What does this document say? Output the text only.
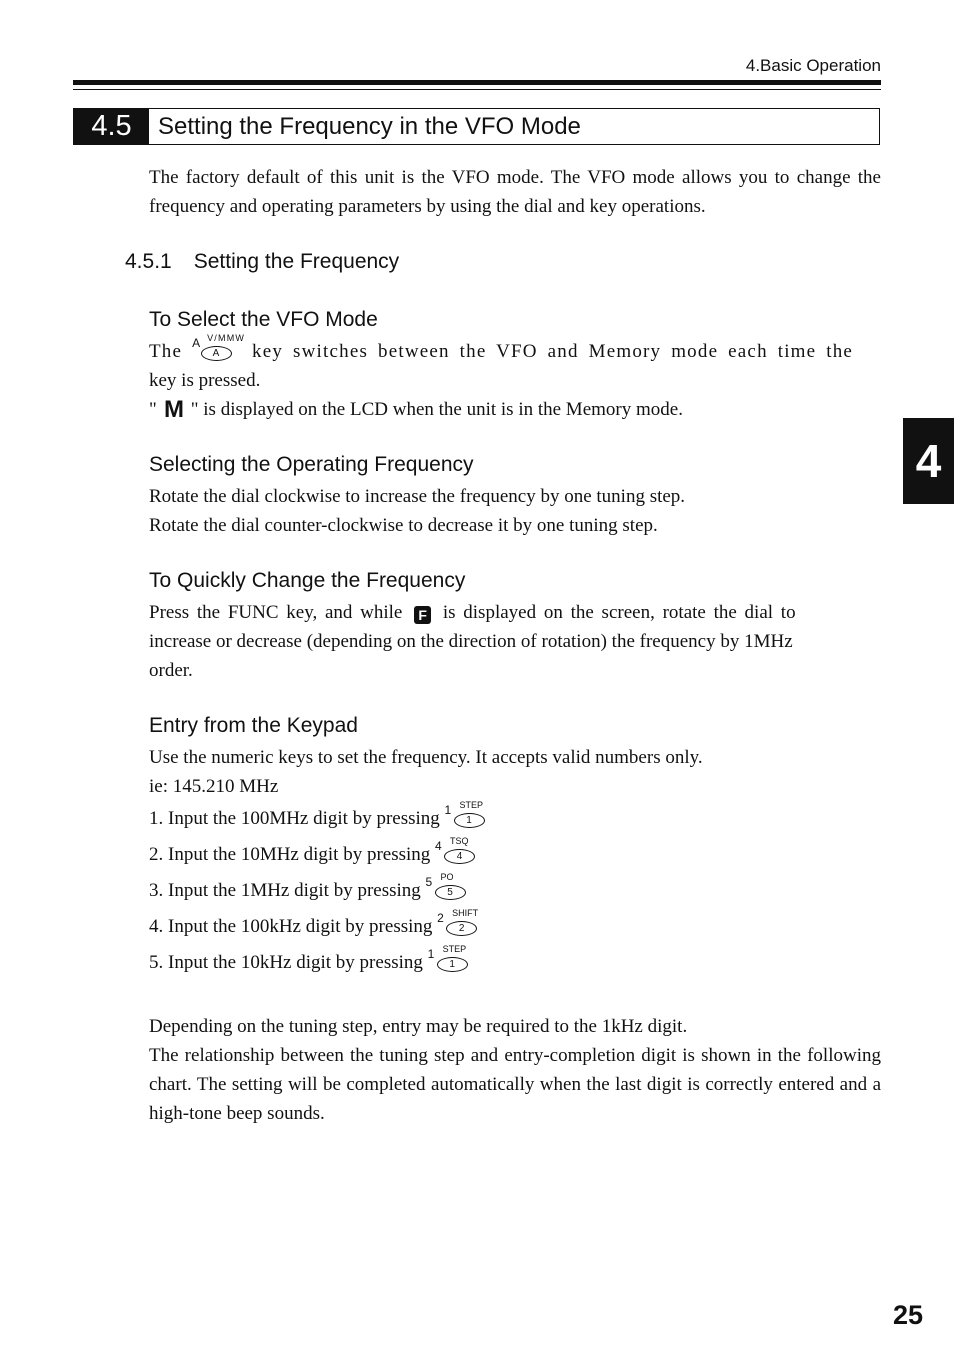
4.Basic Operation
4.5	Setting the Frequency in the VFO Mode

The factory default of this unit is the VFO mode. The VFO mode allows you to change the frequency and operating parameters by using the dial and key operations.

4.5.1 Setting the Frequency
To Select the VFO Mode
The A V/MMW
A	key switches between the VFO and Memory mode each time the
key is pressed.
" M " is displayed on the LCD when the unit is in the Memory mode.
Selecting the Operating Frequency
Rotate the dial clockwise to increase the frequency by one tuning step.
Rotate the dial counter-clockwise to decrease it by one tuning step.
To Quickly Change the Frequency
Press the FUNC key, and while F is displayed on the screen, rotate the dial to
increase or decrease (depending on the direction of rotation) the frequency by 1MHz
order.
Entry from the Keypad
Use the numeric keys to set the frequency. It accepts valid numbers only.
ie: 145.210 MHz
1. Input the 100MHz digit by pressing 1 STEP
1
2. Input the 10MHz digit by pressing 4 TSQ
4
3. Input the 1MHz digit by pressing 5 PO
5
4. Input the 100kHz digit by pressing 2 SHIFT
2
5. Input the 10kHz digit by pressing 1 STEP
1
Depending on the tuning step, entry may be required to the 1kHz digit.

The relationship between the tuning step and entry-completion digit is shown in the following chart. The setting will be completed automatically when the last digit is correctly entered and a high-tone beep sounds.

4
25
